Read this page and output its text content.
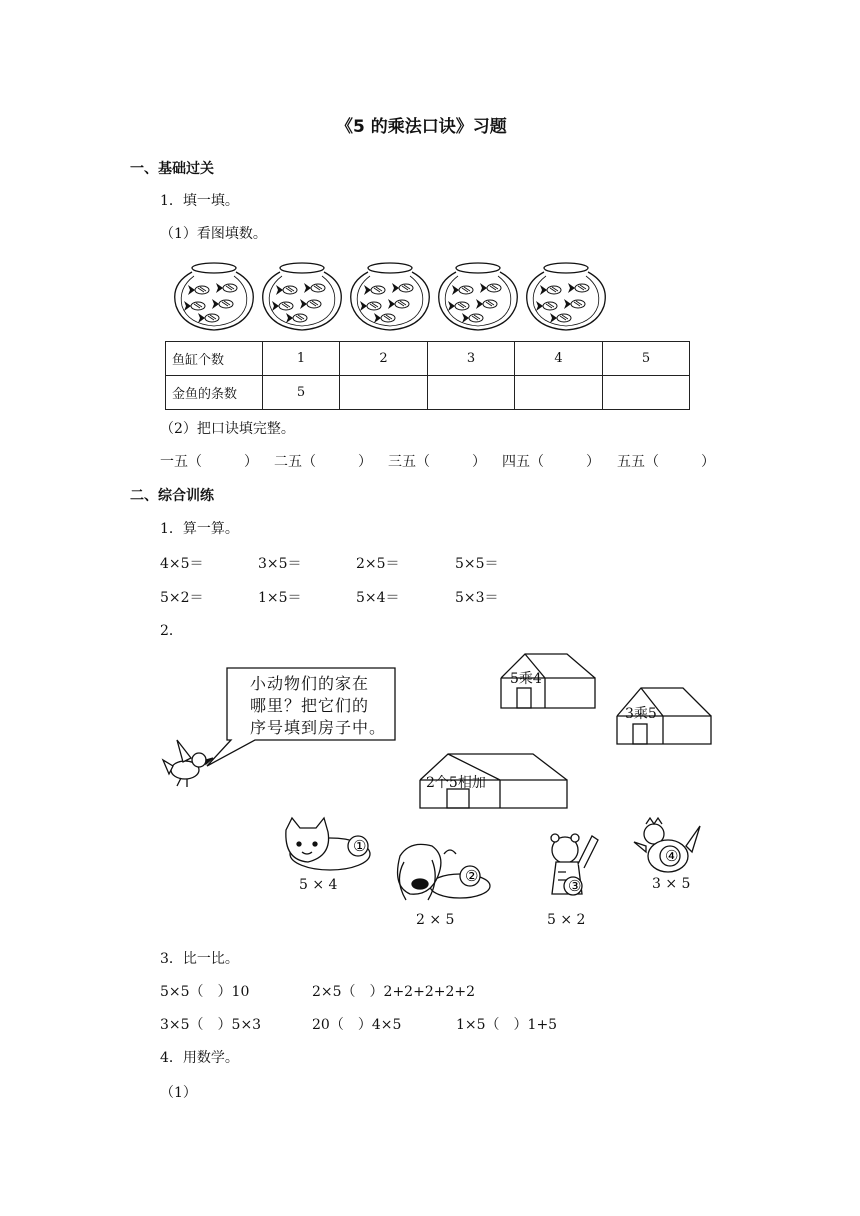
《5 的乘法口诀》习题
一、基础过关
1．填一填。
（1）看图填数。
鱼缸个数	1	2	3	4	5
金鱼的条数	5				
（2）把口诀填完整。
一五（　　　） 二五（　　　） 三五（　　　） 四五（　　　） 五五（　　　）
二、综合训练
1．算一算。
4×5＝	3×5＝	2×5＝	5×5＝
5×2＝	1×5＝	5×4＝	5×3＝
2．
小动物们的家在
哪里？把它们的
序号填到房子中。
5乘4
3乘5
2个5相加
①
②
③
④
5 × 4
2 × 5	5 × 2
3 × 5
3．比一比。
5×5（　）10	2×5（　）2+2+2+2+2
3×5（　）5×3	20（　）4×5	1×5（　）1+5
4．用数学。
（1）
